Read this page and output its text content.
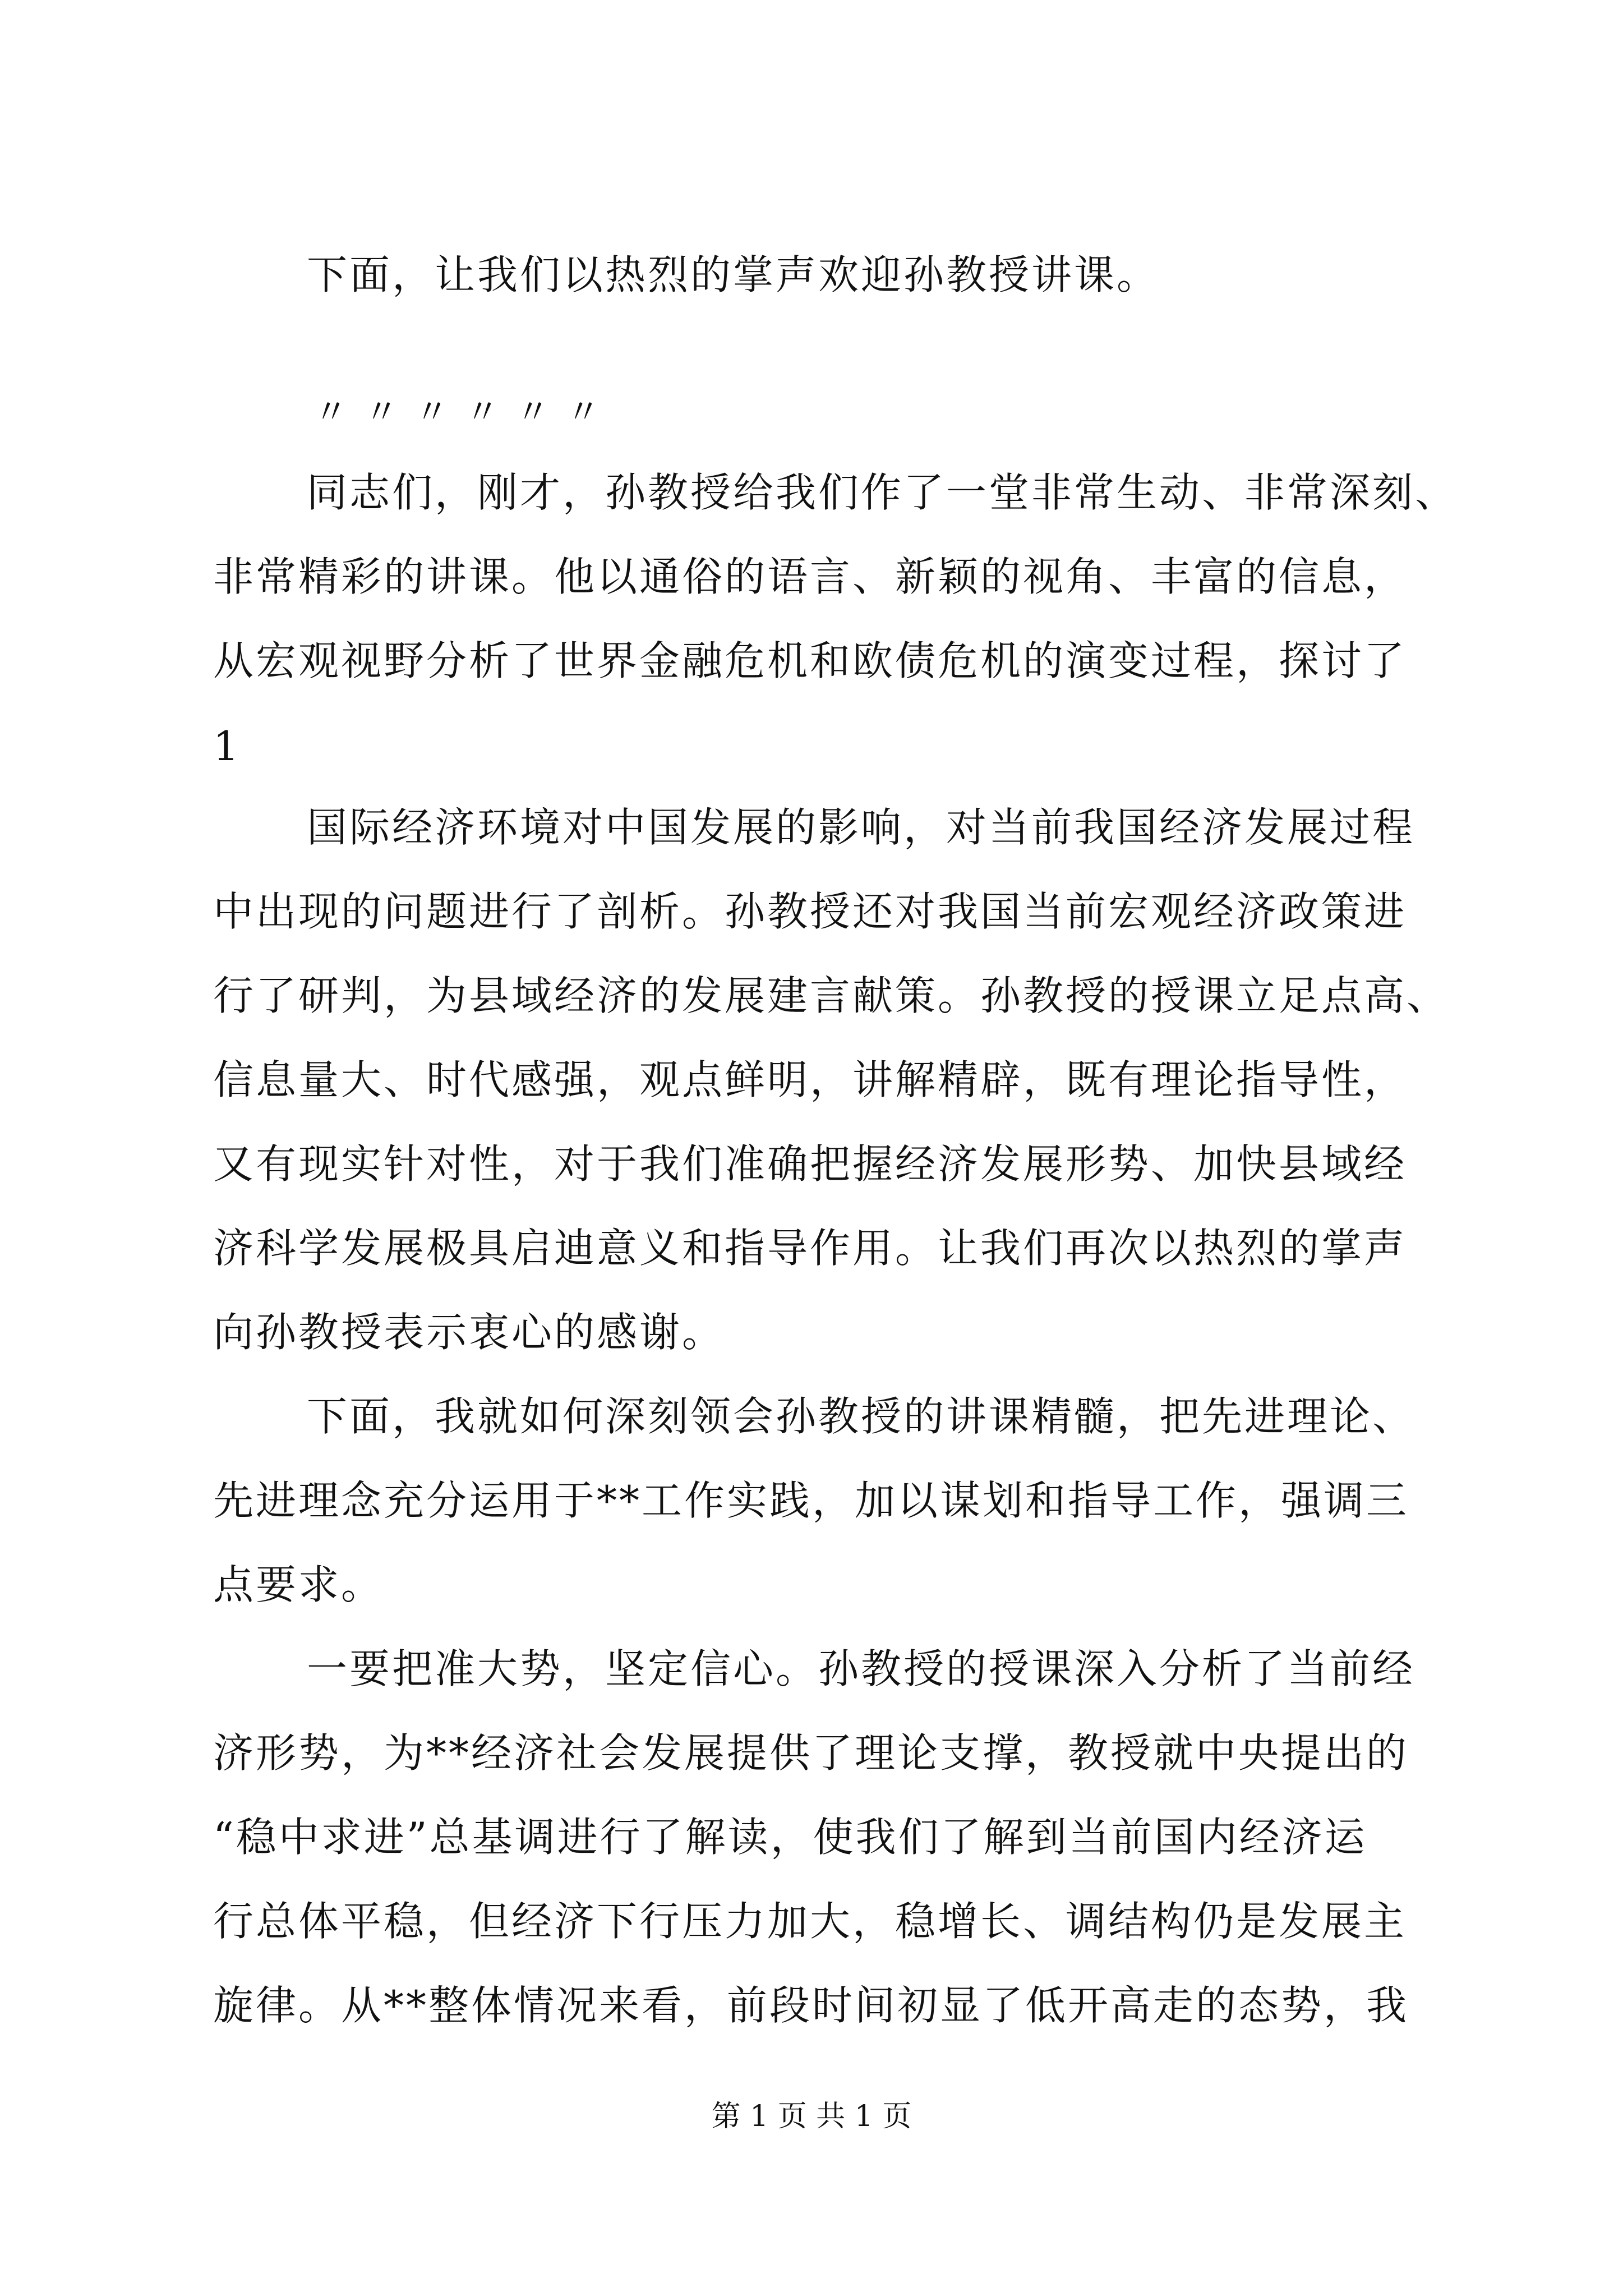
下面，让我们以热烈的掌声欢迎孙教授讲课。
〃〃〃〃〃〃
同志们，刚才，孙教授给我们作了一堂非常生动、非常深刻、
非常精彩的讲课。他以通俗的语言、新颖的视角、丰富的信息，
从宏观视野分析了世界金融危机和欧债危机的演变过程，探讨了
1
国际经济环境对中国发展的影响，对当前我国经济发展过程
中出现的问题进行了剖析。孙教授还对我国当前宏观经济政策进
行了研判，为县域经济的发展建言献策。孙教授的授课立足点高、
信息量大、时代感强，观点鲜明，讲解精辟，既有理论指导性，
又有现实针对性，对于我们准确把握经济发展形势、加快县域经
济科学发展极具启迪意义和指导作用。让我们再次以热烈的掌声
向孙教授表示衷心的感谢。
下面，我就如何深刻领会孙教授的讲课精髓，把先进理论、
先进理念充分运用于**工作实践，加以谋划和指导工作，强调三
点要求。
一要把准大势，坚定信心。孙教授的授课深入分析了当前经
济形势，为**经济社会发展提供了理论支撑，教授就中央提出的
“稳中求进”总基调进行了解读，使我们了解到当前国内经济运
行总体平稳，但经济下行压力加大，稳增长、调结构仍是发展主
旋律。从**整体情况来看，前段时间初显了低开高走的态势，我
第 1 页 共 1 页
